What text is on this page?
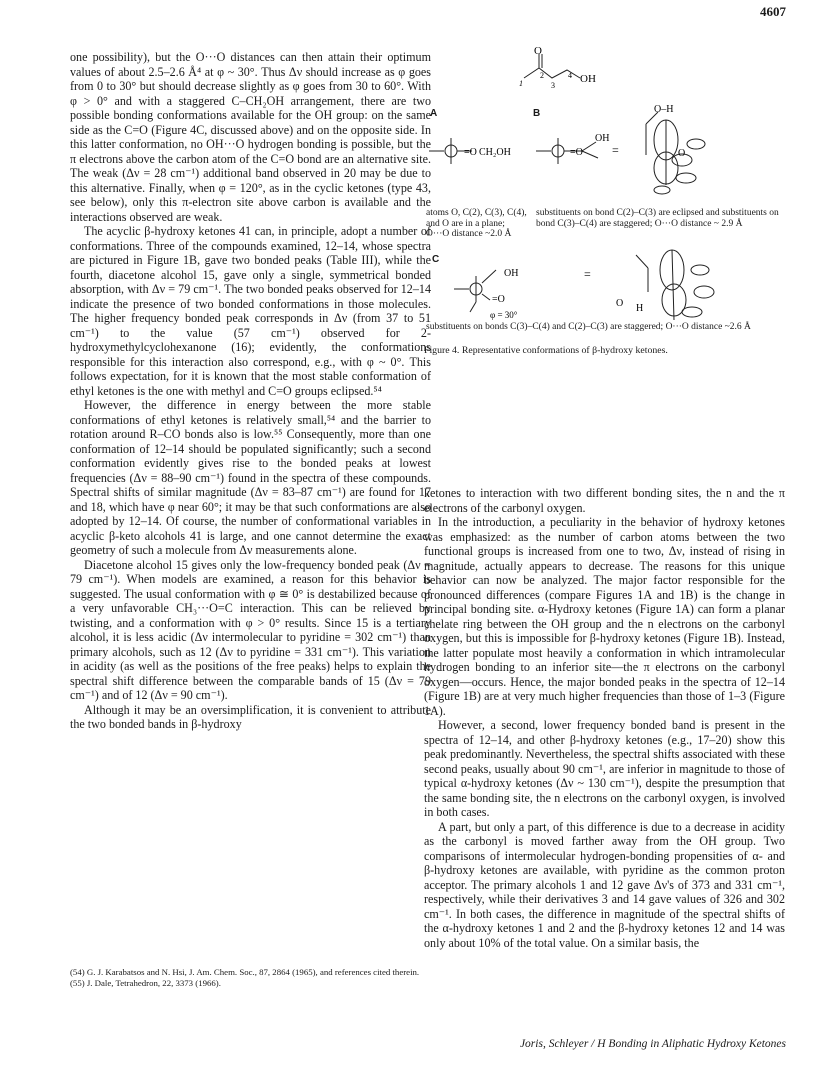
4607

one possibility), but the O···O distances can then attain their optimum values of about 2.5–2.6 Å⁴ at φ ~ 30°. Thus Δν should increase as φ goes from 0 to 30° but should decrease slightly as φ goes from 30 to 60°. With φ > 0° and with a staggered C–CH₂OH arrangement, there are two possible bonding conformations available for the OH group: on the same side as the C=O (Figure 4C, discussed above) and on the opposite side. In this latter conformation, no OH···O hydrogen bonding is possible, but the π electrons above the carbon atom of the C=O bond are an alternative site. The weak (Δν = 28 cm⁻¹) additional band observed in 20 may be due to this alternative. Finally, when φ = 120°, as in the cyclic ketones (type 43, see below), only this π-electron site above carbon is available and the interactions observed are weak.

The acyclic β-hydroxy ketones 41 can, in principle, adopt a number of conformations. Three of the compounds examined, 12–14, whose spectra are pictured in Figure 1B, gave two bonded peaks (Table III), while the fourth, diacetone alcohol 15, gave only a single, symmetrical bonded absorption, with Δν = 79 cm⁻¹. The two bonded peaks observed for 12–14 indicate the presence of two bonded conformations in those molecules. The higher frequency bonded peak corresponds in Δν (from 37 to 51 cm⁻¹) to the value (57 cm⁻¹) observed for 2-hydroxymethylcyclohexanone (16); evidently, the conformations responsible for this interaction also correspond, e.g., with φ ~ 0°. This follows expectation, for it is known that the most stable conformation of ethyl ketones is the one with methyl and C=O groups eclipsed.⁵⁴

However, the difference in energy between the more stable conformations of ethyl ketones is relatively small,⁵⁴ and the barrier to rotation around R–CO bonds also is low.⁵⁵ Consequently, more than one conformation of 12–14 should be populated significantly; such a second conformation evidently gives rise to the bonded peaks at lowest frequencies (Δν = 88–90 cm⁻¹) found in the spectra of these compounds. Spectral shifts of similar magnitude (Δν = 83–87 cm⁻¹) are found for 17 and 18, which have φ near 60°; it may be that such conformations are also adopted by 12–14. Of course, the number of conformational variables in acyclic β-keto alcohols 41 is large, and one cannot determine the exact geometry of such a molecule from Δν measurements alone.

Diacetone alcohol 15 gives only the low-frequency bonded peak (Δν = 79 cm⁻¹). When models are examined, a reason for this behavior is suggested. The usual conformation with φ ≅ 0° is destabilized because of a very unfavorable CH₃···O=C interaction. This can be relieved by twisting, and a conformation with φ > 0° results. Since 15 is a tertiary alcohol, it is less acidic (Δν intermolecular to pyridine = 302 cm⁻¹) than primary alcohols, such as 12 (Δν to pyridine = 331 cm⁻¹). This variation in acidity (as well as the positions of the free peaks) helps to explain the spectral shift difference between the comparable bands of 15 (Δν = 79 cm⁻¹) and of 12 (Δν = 90 cm⁻¹).

Although it may be an oversimplification, it is convenient to attribute the two bonded bands in β-hydroxy

(54) G. J. Karabatsos and N. Hsi, J. Am. Chem. Soc., 87, 2864 (1965), and references cited therein.
(55) J. Dale, Tetrahedron, 22, 3373 (1966).
O
OH
1
2
3
4
=O CH₂OH	=O
OH
=
O–H
O
OH
=O
φ = 30°
=
O H
A	B
C
atoms O, C(2), C(3), C(4), and O are in a plane; O···O distance ~2.0 Å
substituents on bond C(2)–C(3) are eclipsed and substituents on bond C(3)–C(4) are staggered; O···O distance ~ 2.9 Å
substituents on bonds C(3)–C(4) and C(2)–C(3) are staggered; O···O distance ~2.6 Å
Figure 4. Representative conformations of β-hydroxy ketones.

ketones to interaction with two different bonding sites, the n and the π electrons of the carbonyl oxygen.

In the introduction, a peculiarity in the behavior of hydroxy ketones was emphasized: as the number of carbon atoms between the two functional groups is increased from one to two, Δν, instead of rising in magnitude, actually appears to decrease. The reasons for this unique behavior can now be analyzed. The major factor responsible for the pronounced differences (compare Figures 1A and 1B) is the change in principal bonding site. α-Hydroxy ketones (Figure 1A) can form a planar chelate ring between the OH group and the n electrons on the carbonyl oxygen, but this is impossible for β-hydroxy ketones (Figure 1B). Instead, the latter populate most heavily a conformation in which intramolecular hydrogen bonding to an inferior site—the π electrons on the carbonyl oxygen—occurs. Hence, the major bonded peaks in the spectra of 12–14 (Figure 1B) are at very much higher frequencies than those of 1–3 (Figure 1A).

However, a second, lower frequency bonded band is present in the spectra of 12–14, and other β-hydroxy ketones (e.g., 17–20) show this peak predominantly. Nevertheless, the spectral shifts associated with these second peaks, usually about 90 cm⁻¹, are inferior in magnitude to those of typical α-hydroxy ketones (Δν ~ 130 cm⁻¹), despite the presumption that the same bonding site, the n electrons on the carbonyl oxygen, is involved in both cases.

A part, but only a part, of this difference is due to a decrease in acidity as the carbonyl is moved farther away from the OH group. Two comparisons of intermolecular hydrogen-bonding propensities of α- and β-hydroxy ketones are available, with pyridine as the common proton acceptor. The primary alcohols 1 and 12 gave Δν's of 373 and 331 cm⁻¹, respectively, while their derivatives 3 and 14 gave values of 326 and 302 cm⁻¹. In both cases, the difference in magnitude of the spectral shifts of the α-hydroxy ketones 1 and 2 and the β-hydroxy ketones 12 and 14 was only about 10% of the total value. On a similar basis, the

Joris, Schleyer / H Bonding in Aliphatic Hydroxy Ketones
